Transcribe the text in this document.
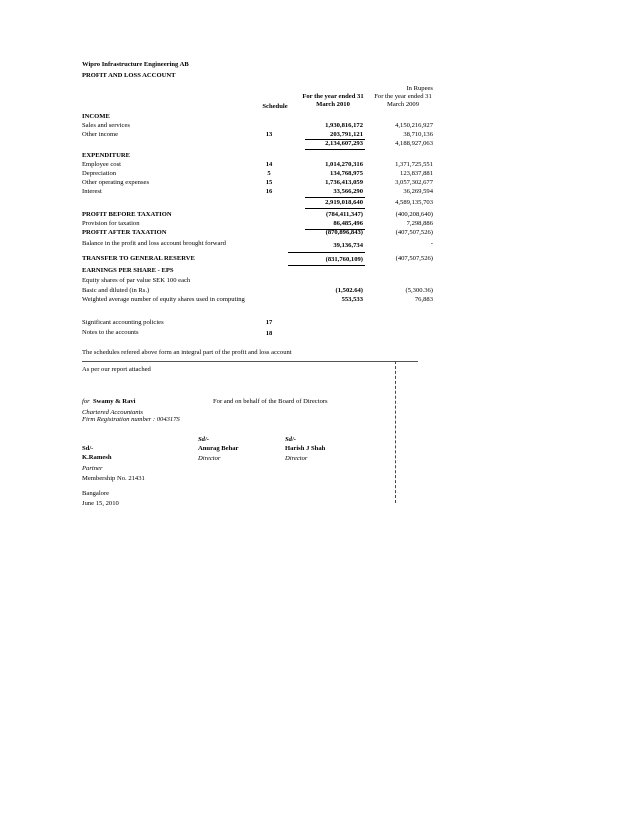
Wipro Infrastructure Engineering AB
PROFIT AND LOSS ACCOUNT
In Rupees
For the year ended 31
March 2010
For the year ended 31
March 2009
Schedule
INCOME
Sales and services	1,930,816,172	4,150,216,927
Other income	13	203,791,121	38,710,136
2,134,607,293	4,188,927,063
EXPENDITURE
Employee cost	14	1,014,270,316	1,371,725,551
Depreciation	5	134,768,975	123,837,881
Other operating expenses	15	1,736,413,059	3,057,302,677
Interest	16	33,566,290	36,269,594
2,919,018,640	4,589,135,703
PROFIT BEFORE TAXATION	(784,411,347)	(400,208,640)
Provision for taxation	86,485,496	7,298,886
PROFIT AFTER TAXATION	(870,896,843)	(407,507,526)
Balance in the profit and loss account brought forward	39,136,734	-
TRANSFER TO GENERAL RESERVE	(831,760,109)	(407,507,526)
EARNINGS PER SHARE - EPS
Equity shares of par value SEK 100 each
Basic and diluted (in Rs.)	(1,502.64)	(5,300.36)
Weighted average number of equity shares used in computing	553,533	76,883
Significant accounting policies	17
Notes to the accounts	18
The schedules refered above form an integral part of the profit and loss account
As per our report attached
for Swamy & Ravi	For and on behalf of the Board of Directors
Chartered Accountants
Firm Registration number : 004317S
Sd/-	Sd/-
Sd/-	Anurag Behar	Harish J Shah
K.Ramesh	Director	Director
Partner
Membership No. 21431
Bangalore
June 15, 2010
